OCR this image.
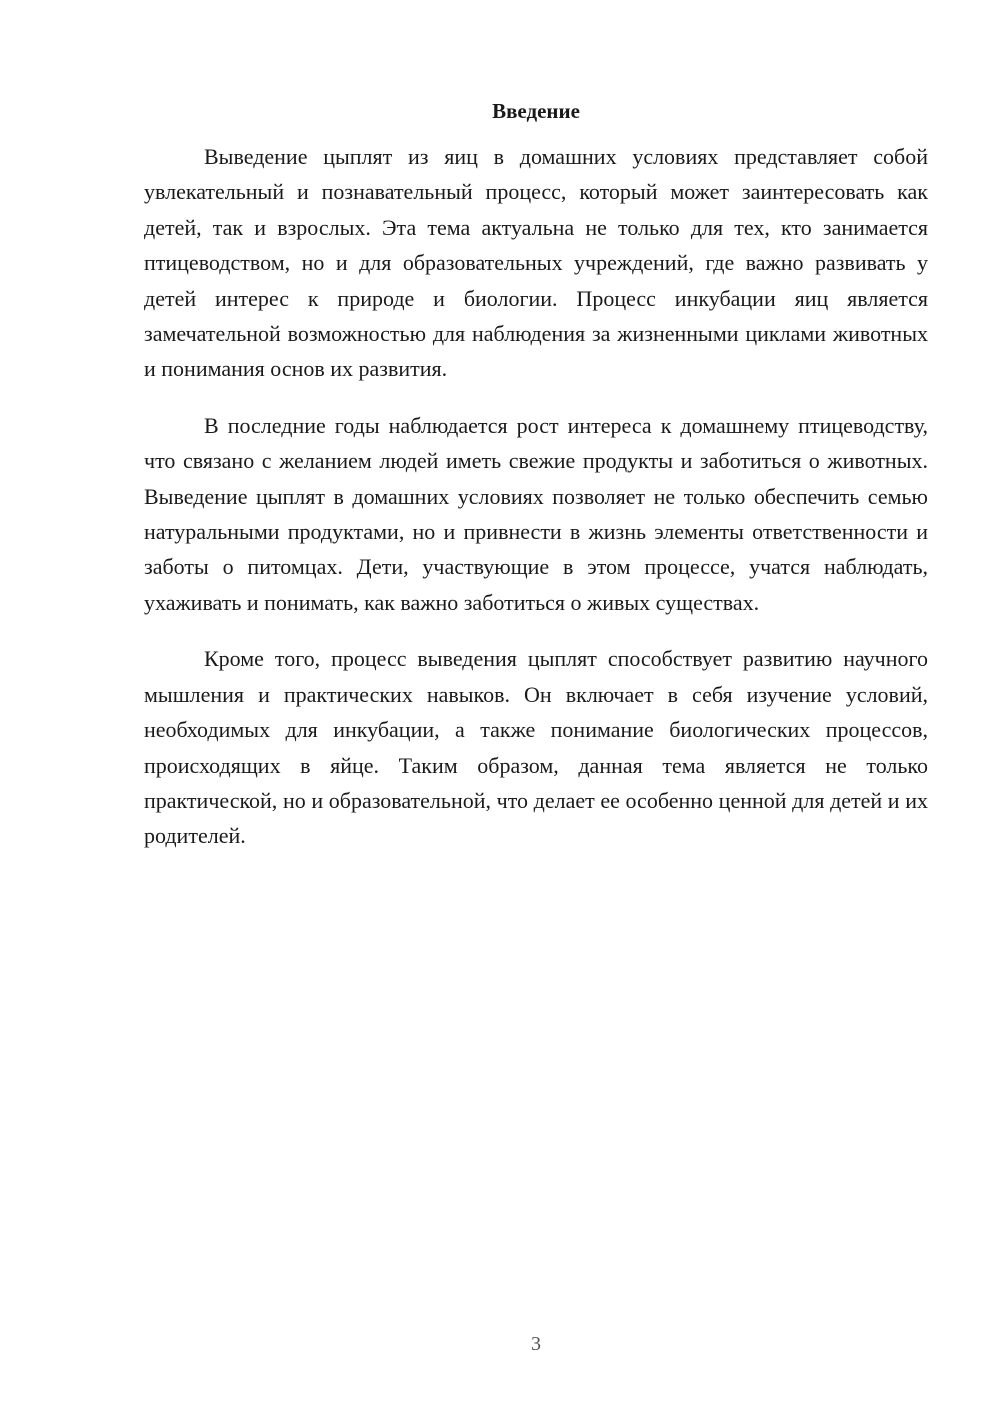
Введение

Выведение цыплят из яиц в домашних условиях представляет собой увлекательный и познавательный процесс, который может заинтересовать как детей, так и взрослых. Эта тема актуальна не только для тех, кто занимается птицеводством, но и для образовательных учреждений, где важно развивать у детей интерес к природе и биологии. Процесс инкубации яиц является замечательной возможностью для наблюдения за жизненными циклами животных и понимания основ их развития.

В последние годы наблюдается рост интереса к домашнему птицеводству, что связано с желанием людей иметь свежие продукты и заботиться о животных. Выведение цыплят в домашних условиях позволяет не только обеспечить семью натуральными продуктами, но и привнести в жизнь элементы ответственности и заботы о питомцах. Дети, участвующие в этом процессе, учатся наблюдать, ухаживать и понимать, как важно заботиться о живых существах.

Кроме того, процесс выведения цыплят способствует развитию научного мышления и практических навыков. Он включает в себя изучение условий, необходимых для инкубации, а также понимание биологических процессов, происходящих в яйце. Таким образом, данная тема является не только практической, но и образовательной, что делает ее особенно ценной для детей и их родителей.

3
